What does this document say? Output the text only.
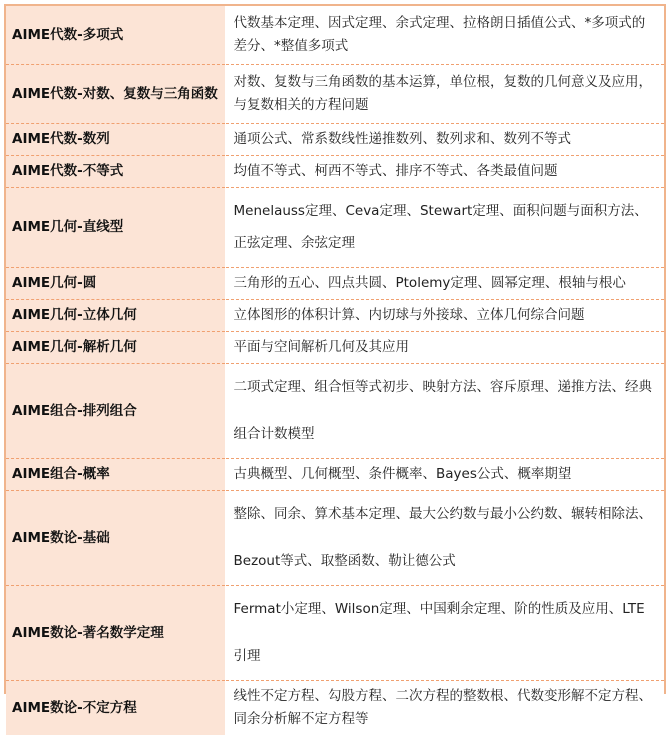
AIME代数-多项式	代数基本定理、因式定理、余式定理、拉格朗日插值公式、*多项式的差分、*整值多项式
AIME代数-对数、复数与三角函数	对数、复数与三角函数的基本运算，单位根，复数的几何意义及应用，与复数相关的方程问题
AIME代数-数列	通项公式、常系数线性递推数列、数列求和、数列不等式
AIME代数-不等式	均值不等式、柯西不等式、排序不等式、各类最值问题
AIME几何-直线型	Menelauss定理、Ceva定理、Stewart定理、面积问题与面积方法、正弦定理、余弦定理
AIME几何-圆	三角形的五心、四点共圆、Ptolemy定理、圆幂定理、根轴与根心
AIME几何-立体几何	立体图形的体积计算、内切球与外接球、立体几何综合问题
AIME几何-解析几何	平面与空间解析几何及其应用
AIME组合-排列组合	二项式定理、组合恒等式初步、映射方法、容斥原理、递推方法、经典组合计数模型
AIME组合-概率	古典概型、几何概型、条件概率、Bayes公式、概率期望
AIME数论-基础	整除、同余、算术基本定理、最大公约数与最小公约数、辗转相除法、Bezout等式、取整函数、勒让德公式
AIME数论-著名数学定理	Fermat小定理、Wilson定理、中国剩余定理、阶的性质及应用、LTE引理
AIME数论-不定方程	线性不定方程、勾股方程、二次方程的整数根、代数变形解不定方程、同余分析解不定方程等
